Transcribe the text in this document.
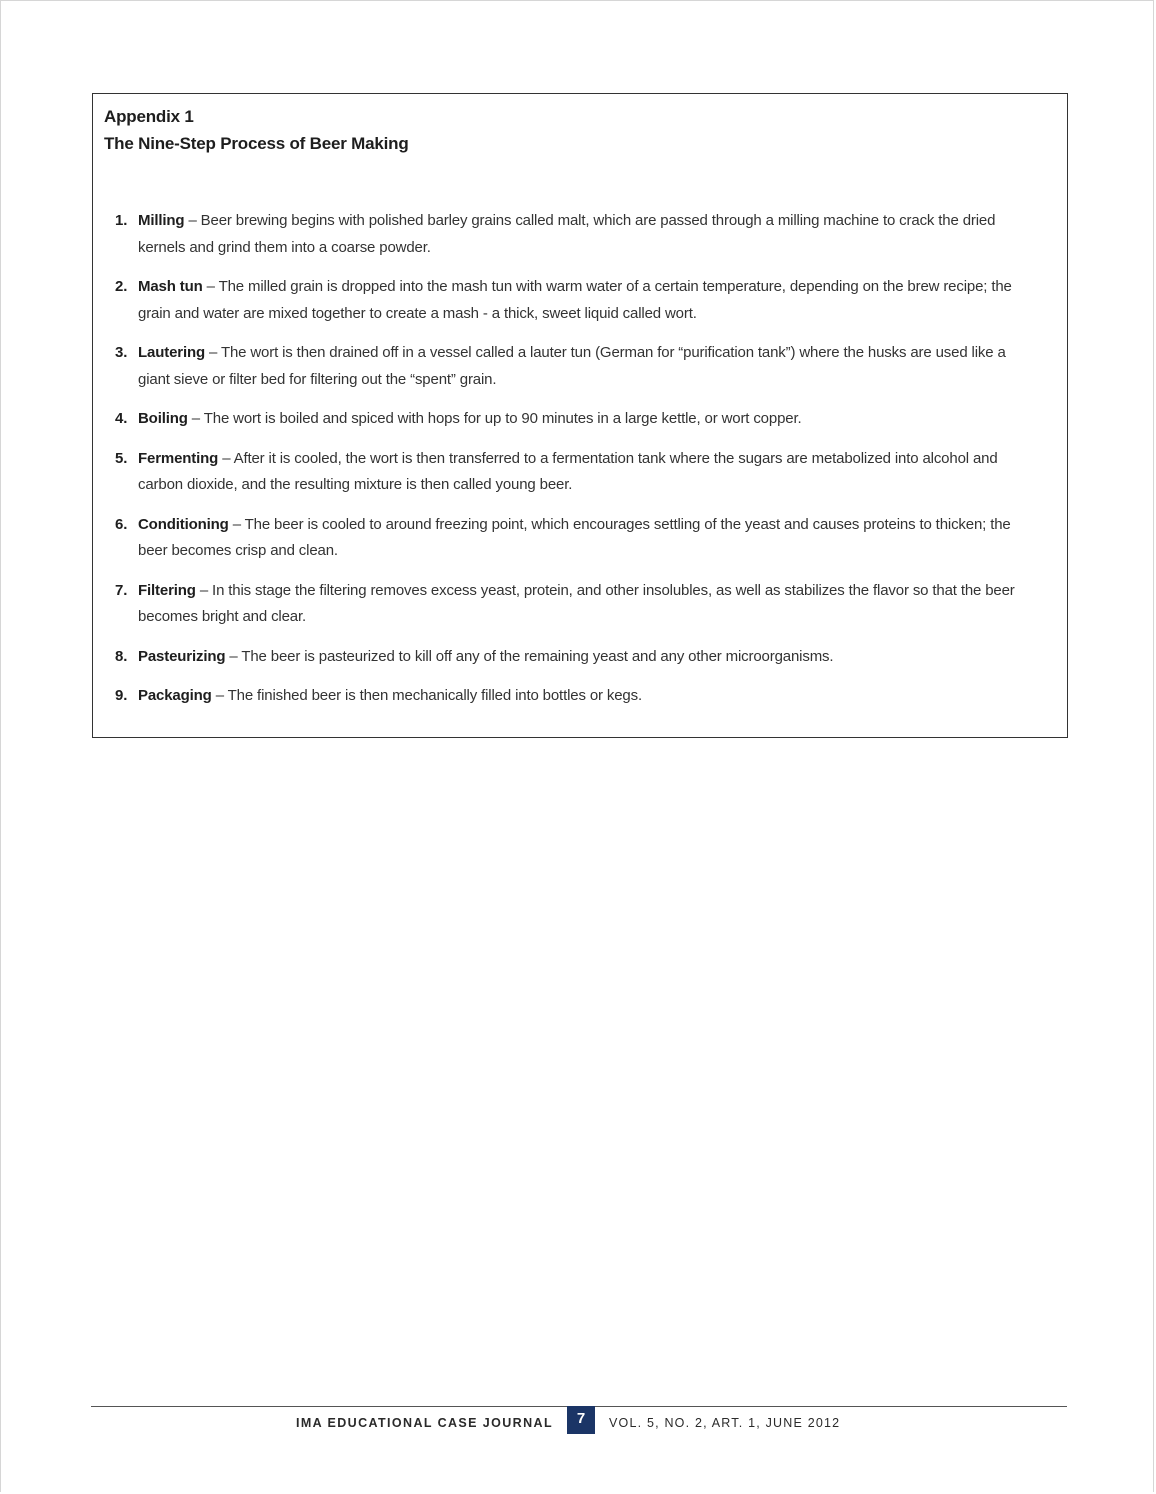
Appendix 1
The Nine-Step Process of Beer Making
1. Milling – Beer brewing begins with polished barley grains called malt, which are passed through a milling machine to crack the dried kernels and grind them into a coarse powder.
2. Mash tun – The milled grain is dropped into the mash tun with warm water of a certain temperature, depending on the brew recipe; the grain and water are mixed together to create a mash - a thick, sweet liquid called wort.
3. Lautering – The wort is then drained off in a vessel called a lauter tun (German for “purification tank”) where the husks are used like a giant sieve or filter bed for filtering out the “spent” grain.
4. Boiling – The wort is boiled and spiced with hops for up to 90 minutes in a large kettle, or wort copper.
5. Fermenting – After it is cooled, the wort is then transferred to a fermentation tank where the sugars are metabolized into alcohol and carbon dioxide, and the resulting mixture is then called young beer.
6. Conditioning – The beer is cooled to around freezing point, which encourages settling of the yeast and causes proteins to thicken; the beer becomes crisp and clean.
7. Filtering – In this stage the filtering removes excess yeast, protein, and other insolubles, as well as stabilizes the flavor so that the beer becomes bright and clear.
8. Pasteurizing – The beer is pasteurized to kill off any of the remaining yeast and any other microorganisms.
9. Packaging – The finished beer is then mechanically filled into bottles or kegs.
IMA EDUCATIONAL CASE JOURNAL	7	VOL. 5, NO. 2, ART. 1, JUNE 2012
